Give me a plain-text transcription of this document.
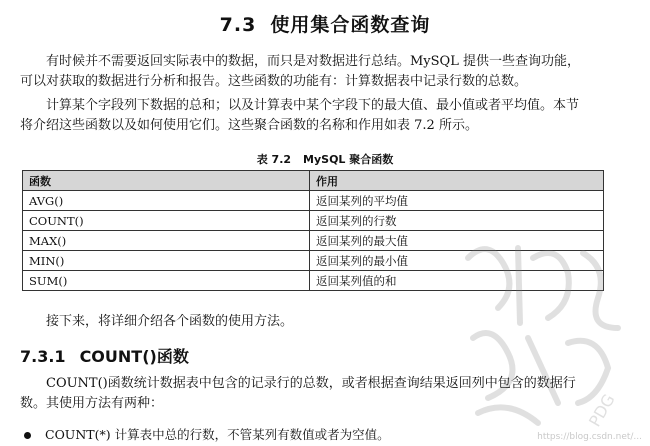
7.3 使用集合函数查询

有时候并不需要返回实际表中的数据，而只是对数据进行总结。MySQL 提供一些查询功能，
可以对获取的数据进行分析和报告。这些函数的功能有：计算数据表中记录行数的总数。

计算某个字段列下数据的总和；以及计算表中某个字段下的最大值、最小值或者平均值。本节
将介绍这些函数以及如何使用它们。这些聚合函数的名称和作用如表 7.2 所示。

表 7.2 MySQL 聚合函数
函数	作用
AVG()	返回某列的平均值
COUNT()	返回某列的行数
MAX()	返回某列的最大值
MIN()	返回某列的最小值
SUM()	返回某列值的和

接下来，将详细介绍各个函数的使用方法。

7.3.1 COUNT()函数

COUNT()函数统计数据表中包含的记录行的总数，或者根据查询结果返回列中包含的数据行
数。其使用方法有两种：

COUNT(*) 计算表中总的行数，不管某列有数值或者为空值。
PDG
https://blog.csdn.net/...
